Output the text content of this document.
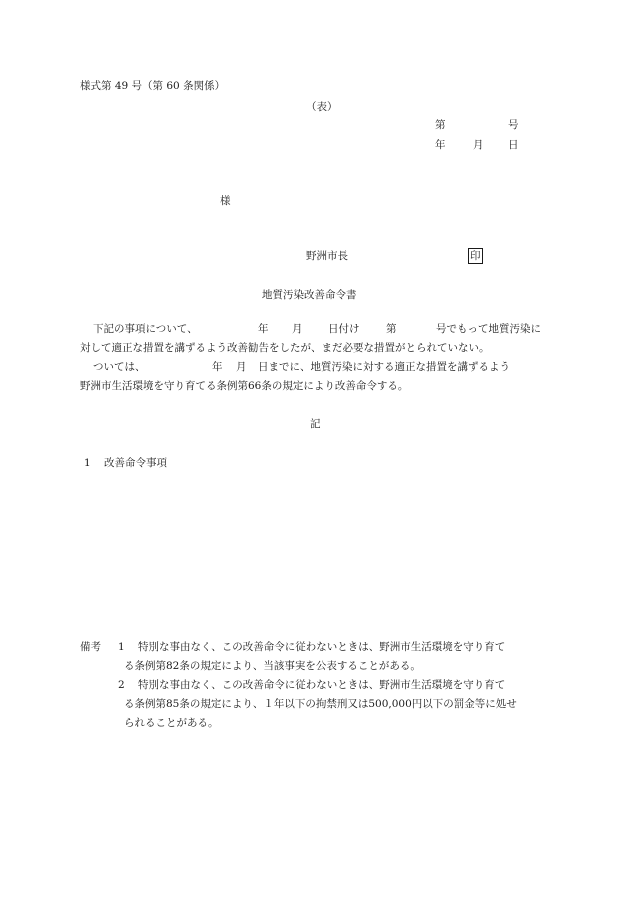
様式第 49 号（第 60 条関係）
（表）
第	号
年	月 日
様
野洲市長	印
地質汚染改善命令書
下記の事項について、	年 月 日付け	第	号でもって地質汚染に
対して適正な措置を講ずるよう改善勧告をしたが、まだ必要な措置がとられていない。
ついては、	年 月 日までに、地質汚染に対する適正な措置を講ずるよう
野洲市生活環境を守り育てる条例第66条の規定により改善命令する。
記
1 改善命令事項
備考 1 特別な事由なく、この改善命令に従わないときは、野洲市生活環境を守り育て
る条例第82条の規定により、当該事実を公表することがある。
2 特別な事由なく、この改善命令に従わないときは、野洲市生活環境を守り育て
る条例第85条の規定により、１年以下の拘禁刑又は500,000円以下の罰金等に処せ
られることがある。
